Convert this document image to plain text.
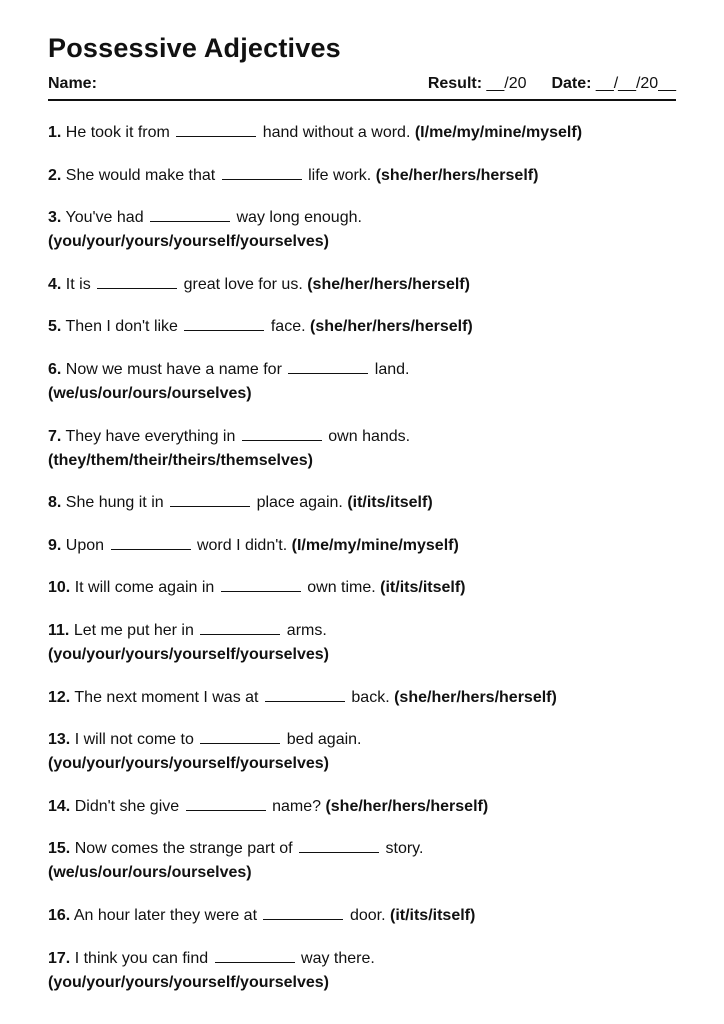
Possessive Adjectives
Name:	Result: __/20 Date: __/__/20__
1. He took it from	hand without a word. (I/me/my/mine/myself)
2. She would make that	life work. (she/her/hers/herself)
3. You've had	way long enough.
(you/your/yours/yourself/yourselves)
4. It is	great love for us. (she/her/hers/herself)
5. Then I don't like	face. (she/her/hers/herself)
6. Now we must have a name for	land.
(we/us/our/ours/ourselves)
7. They have everything in	own hands.
(they/them/their/theirs/themselves)
8. She hung it in	place again. (it/its/itself)
9. Upon	word I didn't. (I/me/my/mine/myself)
10. It will come again in	own time. (it/its/itself)
11. Let me put her in	arms.
(you/your/yours/yourself/yourselves)
12. The next moment I was at	back. (she/her/hers/herself)
13. I will not come to	bed again.
(you/your/yours/yourself/yourselves)
14. Didn't she give	name? (she/her/hers/herself)
15. Now comes the strange part of	story.
(we/us/our/ours/ourselves)
16. An hour later they were at	door. (it/its/itself)
17. I think you can find	way there.
(you/your/yours/yourself/yourselves)
